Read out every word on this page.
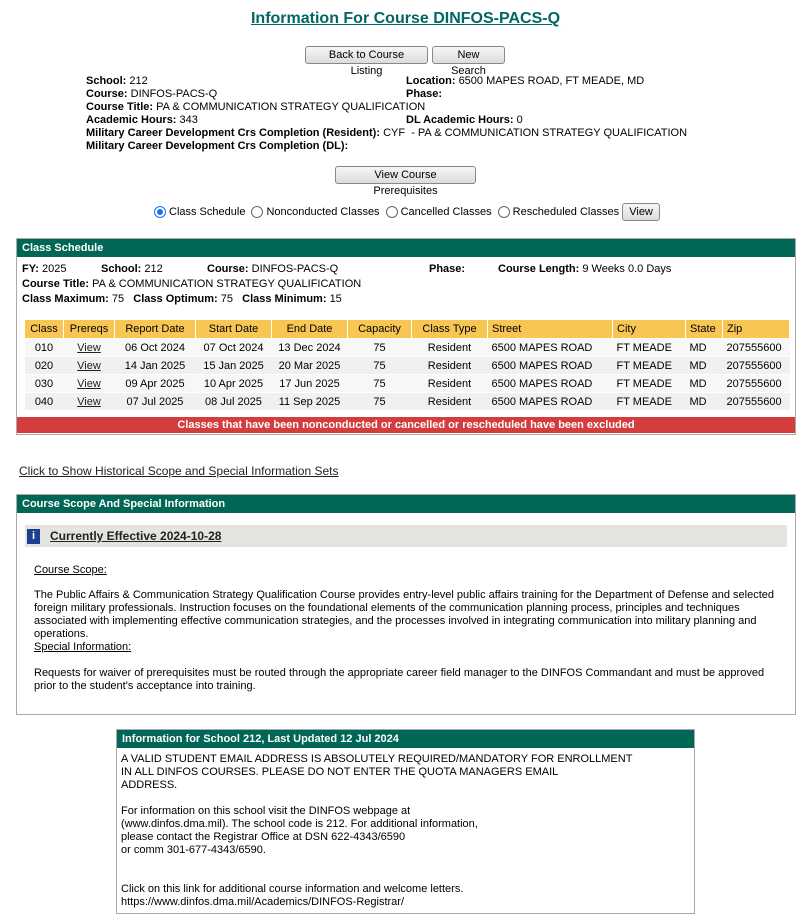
Information For Course DINFOS-PACS-Q
Back to Course Listing
New Search
School: 212
Course: DINFOS-PACS-Q
Course Title: PA & COMMUNICATION STRATEGY QUALIFICATION
Academic Hours: 343
Military Career Development Crs Completion (Resident): CYF  - PA & COMMUNICATION STRATEGY QUALIFICATION
Military Career Development Crs Completion (DL):
Location: 6500 MAPES ROAD, FT MEADE, MD
Phase:
DL Academic Hours: 0
View Course Prerequisites
Class Schedule Nonconducted Classes Cancelled Classes Rescheduled Classes View
Class Schedule
FY: 2025	School: 212	Course: DINFOS-PACS-Q	Phase:	Course Length: 9 Weeks 0.0 Days
Course Title: PA & COMMUNICATION STRATEGY QUALIFICATION
Class Maximum: 75 Class Optimum: 75 Class Minimum: 15
Class	Prereqs	Report Date	Start Date	End Date	Capacity	Class Type	Street	City	State	Zip
010	View	06 Oct 2024	07 Oct 2024	13 Dec 2024	75	Resident	6500 MAPES ROAD	FT MEADE	MD	207555600
020	View	14 Jan 2025	15 Jan 2025	20 Mar 2025	75	Resident	6500 MAPES ROAD	FT MEADE	MD	207555600
030	View	09 Apr 2025	10 Apr 2025	17 Jun 2025	75	Resident	6500 MAPES ROAD	FT MEADE	MD	207555600
040	View	07 Jul 2025	08 Jul 2025	11 Sep 2025	75	Resident	6500 MAPES ROAD	FT MEADE	MD	207555600
Classes that have been nonconducted or cancelled or rescheduled have been excluded
Click to Show Historical Scope and Special Information Sets
Course Scope And Special Information
i	Currently Effective 2024-10-28
Course Scope:
The Public Affairs & Communication Strategy Qualification Course provides entry-level public affairs training for the Department of Defense and selected foreign military professionals. Instruction focuses on the foundational elements of the communication planning process, principles and techniques associated with implementing effective communication strategies, and the processes involved in integrating communication into military planning and operations.
Special Information:
Requests for waiver of prerequisites must be routed through the appropriate career field manager to the DINFOS Commandant and must be approved prior to the student's acceptance into training.
Information for School 212, Last Updated 12 Jul 2024
A VALID STUDENT EMAIL ADDRESS IS ABSOLUTELY REQUIRED/MANDATORY FOR ENROLLMENT
IN ALL DINFOS COURSES. PLEASE DO NOT ENTER THE QUOTA MANAGERS EMAIL
ADDRESS.

For information on this school visit the DINFOS webpage at
(www.dinfos.dma.mil). The school code is 212. For additional information,
please contact the Registrar Office at DSN 622-4343/6590
or comm 301-677-4343/6590.

Click on this link for additional course information and welcome letters.
https://www.dinfos.dma.mil/Academics/DINFOS-Registrar/
